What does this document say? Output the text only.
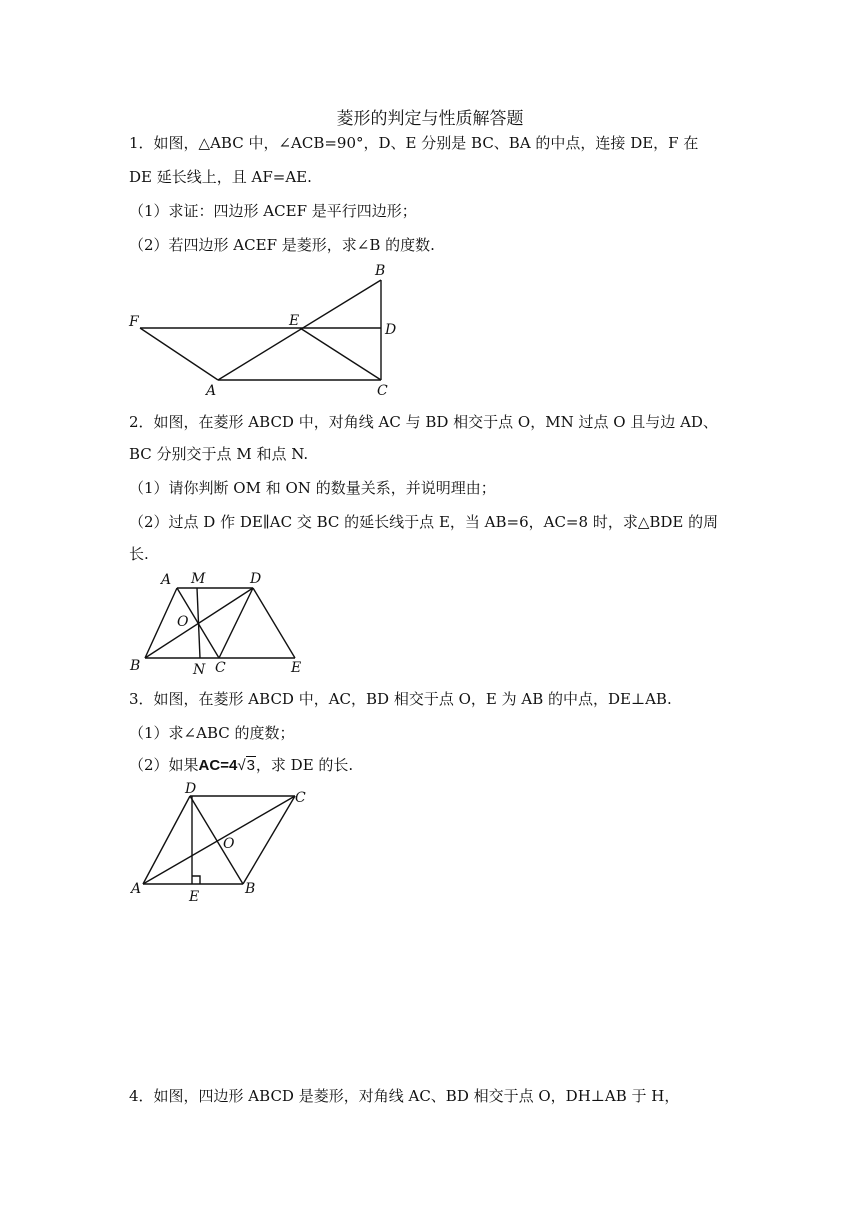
菱形的判定与性质解答题
1．如图，△ABC 中，∠ACB=90°，D、E 分别是 BC、BA 的中点，连接 DE，F 在
DE 延长线上，且 AF=AE.
（1）求证：四边形 ACEF 是平行四边形；
（2）若四边形 ACEF 是菱形，求∠B 的度数.
B
F	E
D
A	C
2．如图，在菱形 ABCD 中，对角线 AC 与 BD 相交于点 O，MN 过点 O 且与边 AD、
BC 分别交于点 M 和点 N.
（1）请你判断 OM 和 ON 的数量关系，并说明理由；
（2）过点 D 作 DE∥AC 交 BC 的延长线于点 E，当 AB=6，AC=8 时，求△BDE 的周
长.
A M	D
O
B	N C	E
3．如图，在菱形 ABCD 中，AC，BD 相交于点 O，E 为 AB 的中点，DE⊥AB.
（1）求∠ABC 的度数；
（2）如果AC=4√3，求 DE 的长.
D
C
O
A	E	B
4．如图，四边形 ABCD 是菱形，对角线 AC、BD 相交于点 O，DH⊥AB 于 H，
